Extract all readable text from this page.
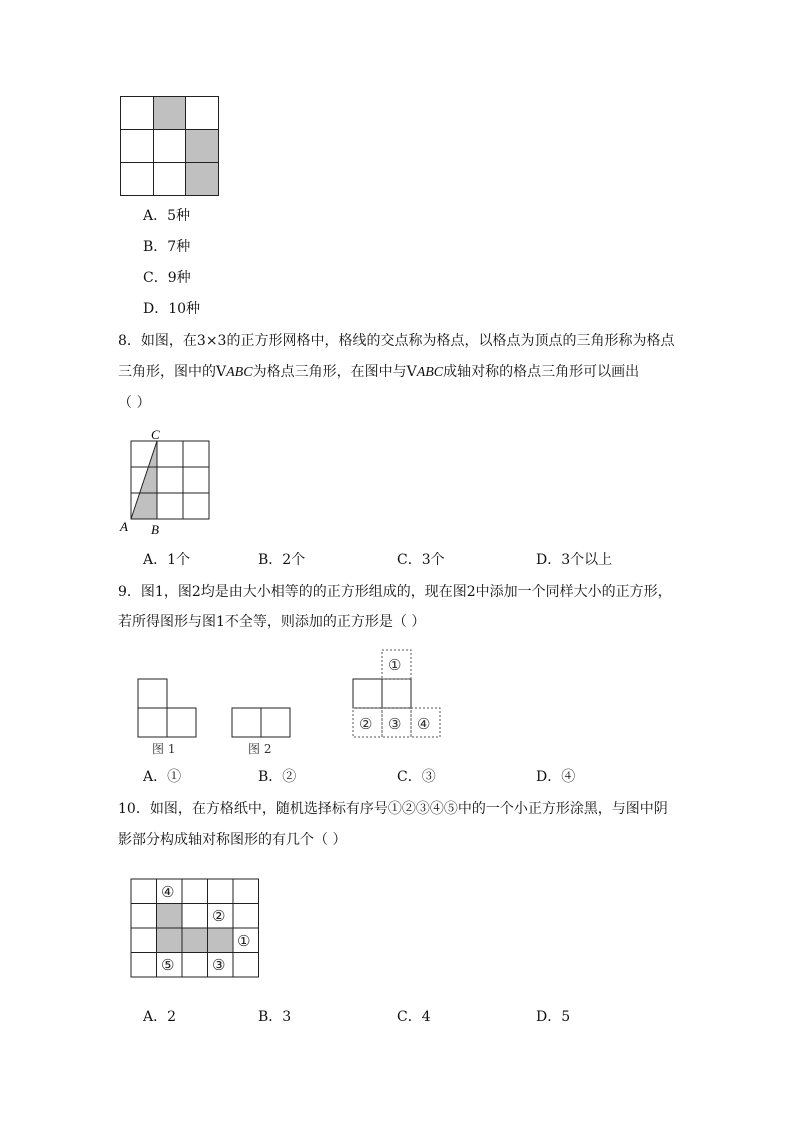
A．5种
B．7种
C．9种
D．10种
8．如图，在3×3的正方形网格中，格线的交点称为格点，以格点为顶点的三角形称为格点
三角形，图中的VABC为格点三角形，在图中与VABC成轴对称的格点三角形可以画出
（ ）
C
A B
A．1个	B．2个	C．3个	D．3个以上
9．图1，图2均是由大小相等的的正方形组成的，现在图2中添加一个同样大小的正方形，
若所得图形与图1不全等，则添加的正方形是（ ）
图 1	图 2
①
② ③ ④
A．①	B．②	C．③	D．④
10．如图，在方格纸中，随机选择标有序号①②③④⑤中的一个小正方形涂黑，与图中阴
影部分构成轴对称图形的有几个（ ）
④
②
①
⑤	③
A．2	B．3	C．4	D．5
